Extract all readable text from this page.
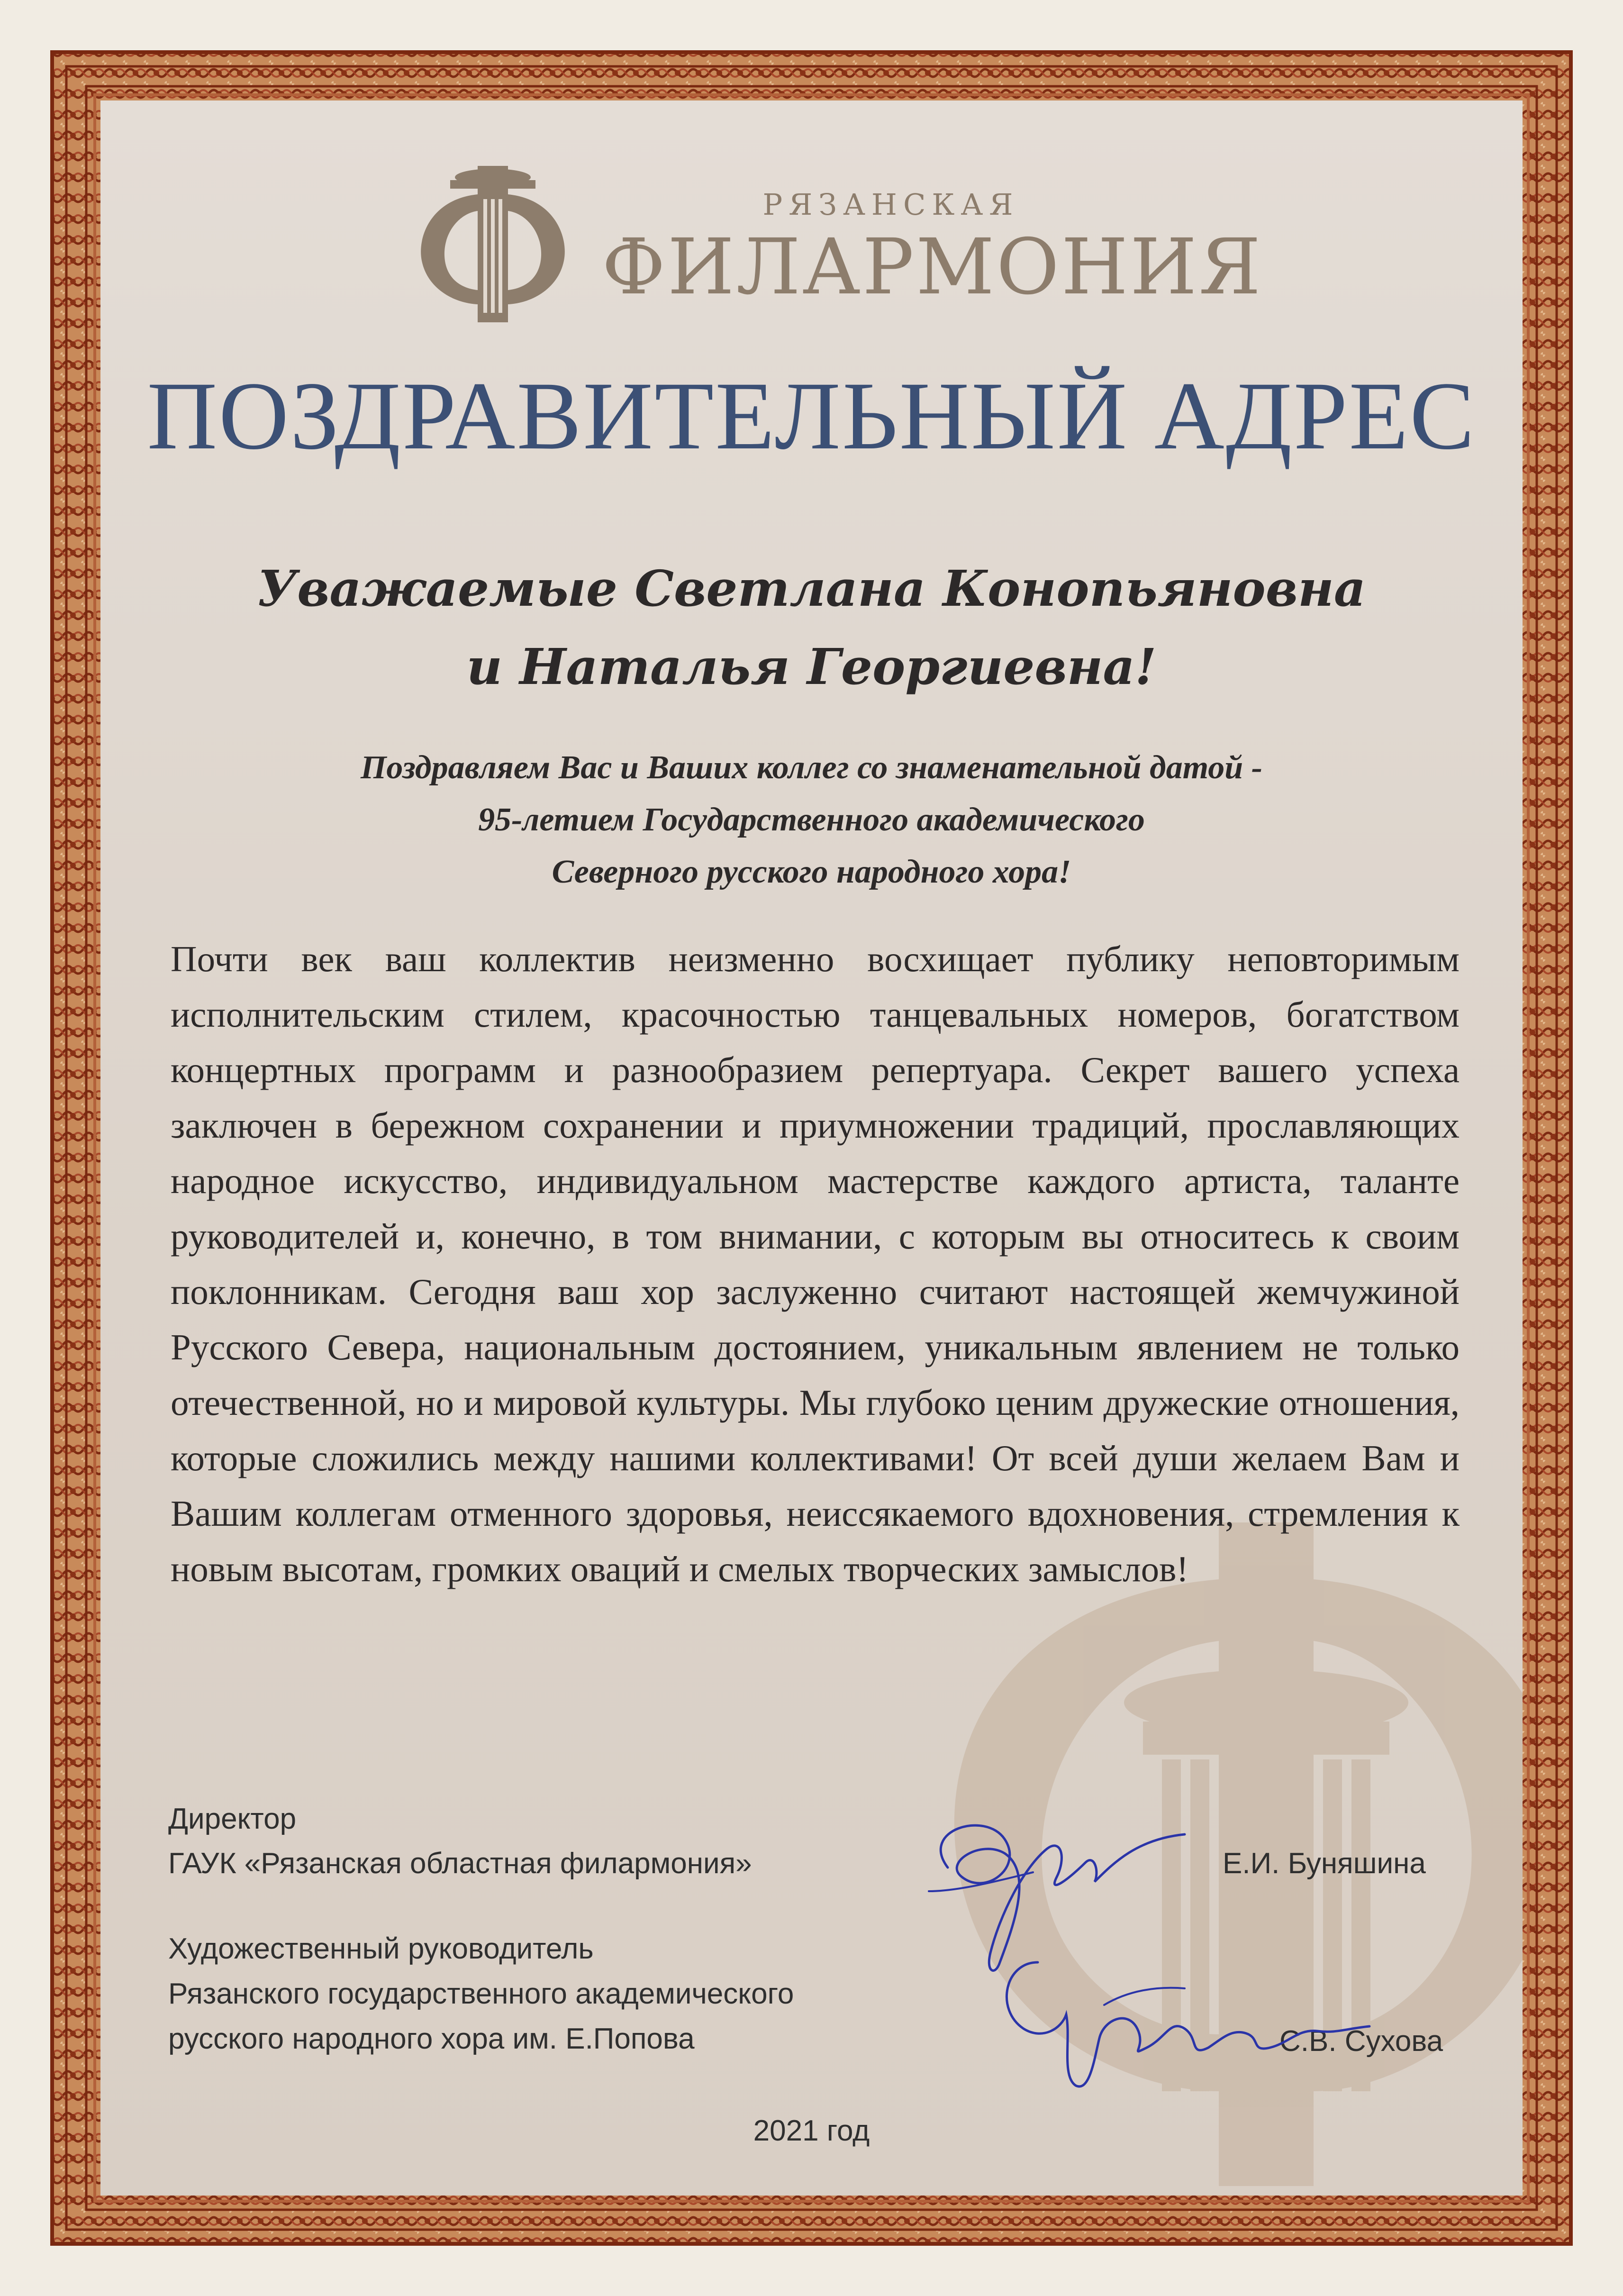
РЯЗАНСКАЯ
ФИЛАРМОНИЯ
ПОЗДРАВИТЕЛЬНЫЙ АДРЕС
Уважаемые Светлана Конопьяновна
и Наталья Георгиевна!
Поздравляем Вас и Ваших коллег со знаменательной датой -
95-летием Государственного академического
Северного русского народного хора!
Почти век ваш коллектив неизменно восхищает публику неповторимым исполнительским стилем, красочностью танцевальных номеров, богатством концертных программ и разнообразием репертуара. Секрет вашего успеха заключен в бережном сохранении и приумножении традиций, прославляющих народное искусство, индивидуальном мастерстве каждого артиста, таланте руководителей и, конечно, в том внимании, с которым вы относитесь к своим поклонникам. Сегодня ваш хор заслуженно считают настоящей жемчужиной Русского Севера, национальным достоянием, уникальным явлением не только отечественной, но и мировой культуры. Мы глубоко ценим дружеские отношения, которые сложились между нашими коллективами! От всей души желаем Вам и Вашим коллегам отменного здоровья, неиссякаемого вдохновения, стремления к новым высотам, громких оваций и смелых творческих замыслов!
Директор
ГАУК «Рязанская областная филармония»	Е.И. Буняшина
Художественный руководитель
Рязанского государственного академического
русского народного хора им. Е.Попова	С.В. Сухова
2021 год
